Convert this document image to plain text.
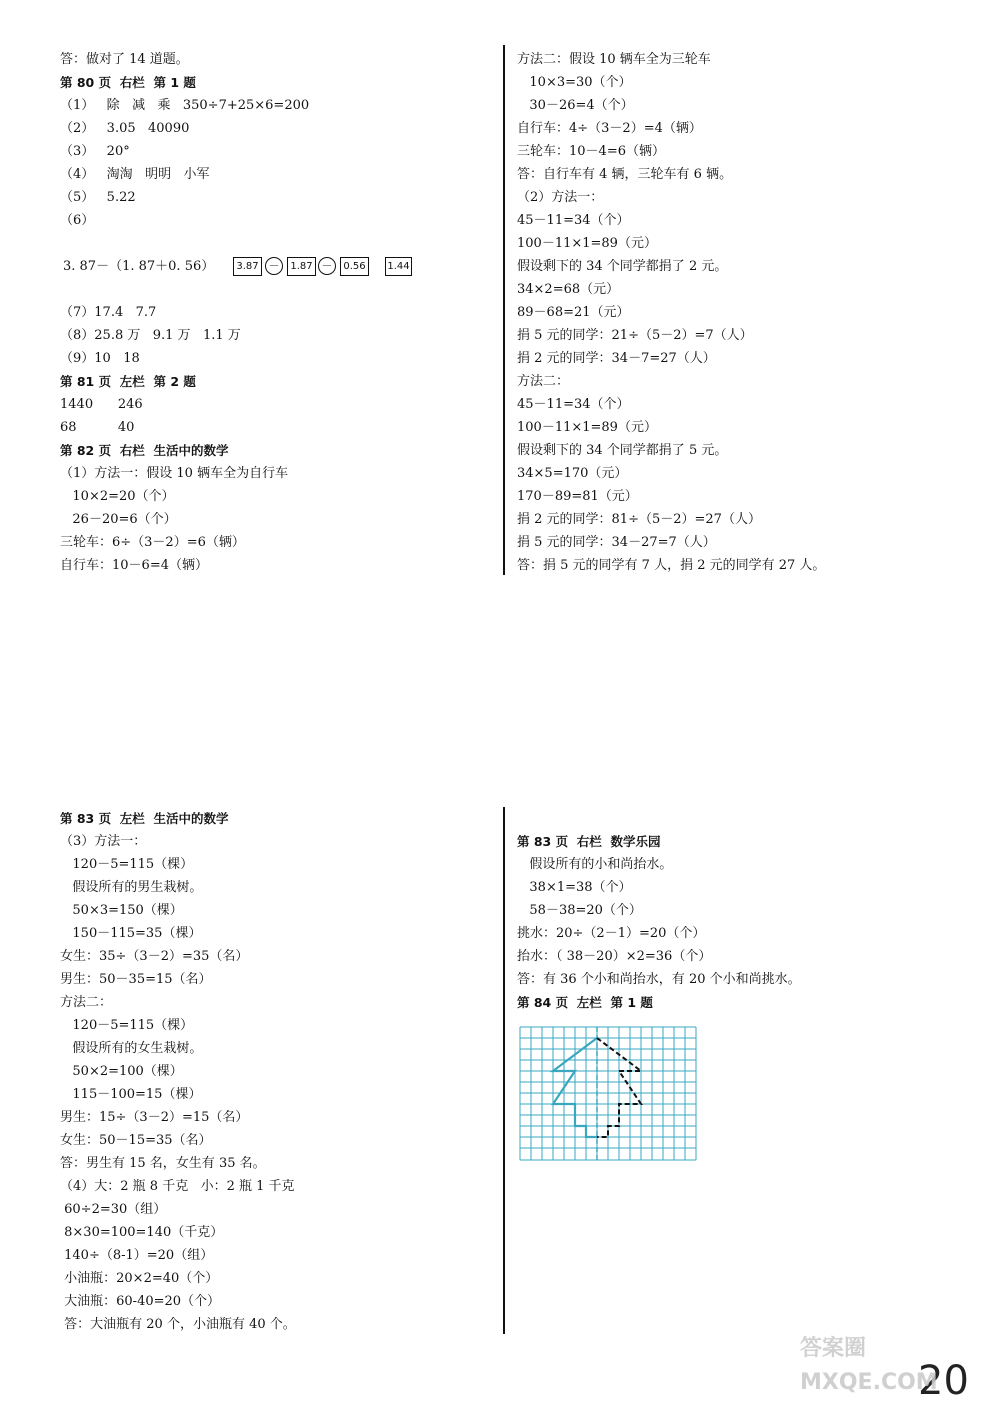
答：做对了 14 道题。
第 80 页  右栏  第 1 题
（1）   除   减   乘   350÷7+25×6=200
（2）   3.05   40090
（3）   20°
（4）   淘淘   明明   小军
（5）   5.22
（6）
3. 87－（1. 87＋0. 56）
（7）17.4   7.7
（8）25.8 万   9.1 万   1.1 万
（9）10   18
第 81 页  左栏  第 2 题
1440      246
68          40
第 82 页  右栏  生活中的数学
（1）方法一：假设 10 辆车全为自行车
10×2=20（个）
26－20=6（个）
三轮车：6÷（3－2）=6（辆）
自行车：10－6=4（辆）
3.87 －	1.87 －	0.56	1.44
方法二：假设 10 辆车全为三轮车
10×3=30（个）
30－26=4（个）
自行车：4÷（3－2）=4（辆）
三轮车：10－4=6（辆）
答：自行车有 4 辆，三轮车有 6 辆。
（2）方法一：
45－11=34（个）
100－11×1=89（元）
假设剩下的 34 个同学都捐了 2 元。
34×2=68（元）
89－68=21（元）
捐 5 元的同学：21÷（5－2）=7（人）
捐 2 元的同学：34－7=27（人）
方法二：
45－11=34（个）
100－11×1=89（元）
假设剩下的 34 个同学都捐了 5 元。
34×5=170（元）
170－89=81（元）
捐 2 元的同学：81÷（5－2）=27（人）
捐 5 元的同学：34－27=7（人）
答：捐 5 元的同学有 7 人，捐 2 元的同学有 27 人。
第 83 页  左栏  生活中的数学
（3）方法一：
120－5=115（棵）
假设所有的男生栽树。
50×3=150（棵）
150－115=35（棵）
女生：35÷（3－2）=35（名）
男生：50－35=15（名）
方法二：
120－5=115（棵）
假设所有的女生栽树。
50×2=100（棵）
115－100=15（棵）
男生：15÷（3－2）=15（名）
女生：50－15=35（名）
答：男生有 15 名，女生有 35 名。
（4）大：2 瓶 8 千克   小：2 瓶 1 千克
60÷2=30（组）
8×30=100=140（千克）
140÷（8-1）=20（组）
小油瓶：20×2=40（个）
大油瓶：60-40=20（个）
答：大油瓶有 20 个，小油瓶有 40 个。
第 83 页  右栏  数学乐园
假设所有的小和尚抬水。
38×1=38（个）
58－38=20（个）
挑水：20÷（2－1）=20（个）
抬水：（ 38－20）×2=36（个）
答：有 36 个小和尚抬水，有 20 个小和尚挑水。
第 84 页  左栏  第 1 题
20
答案圈 MXQE.COM
